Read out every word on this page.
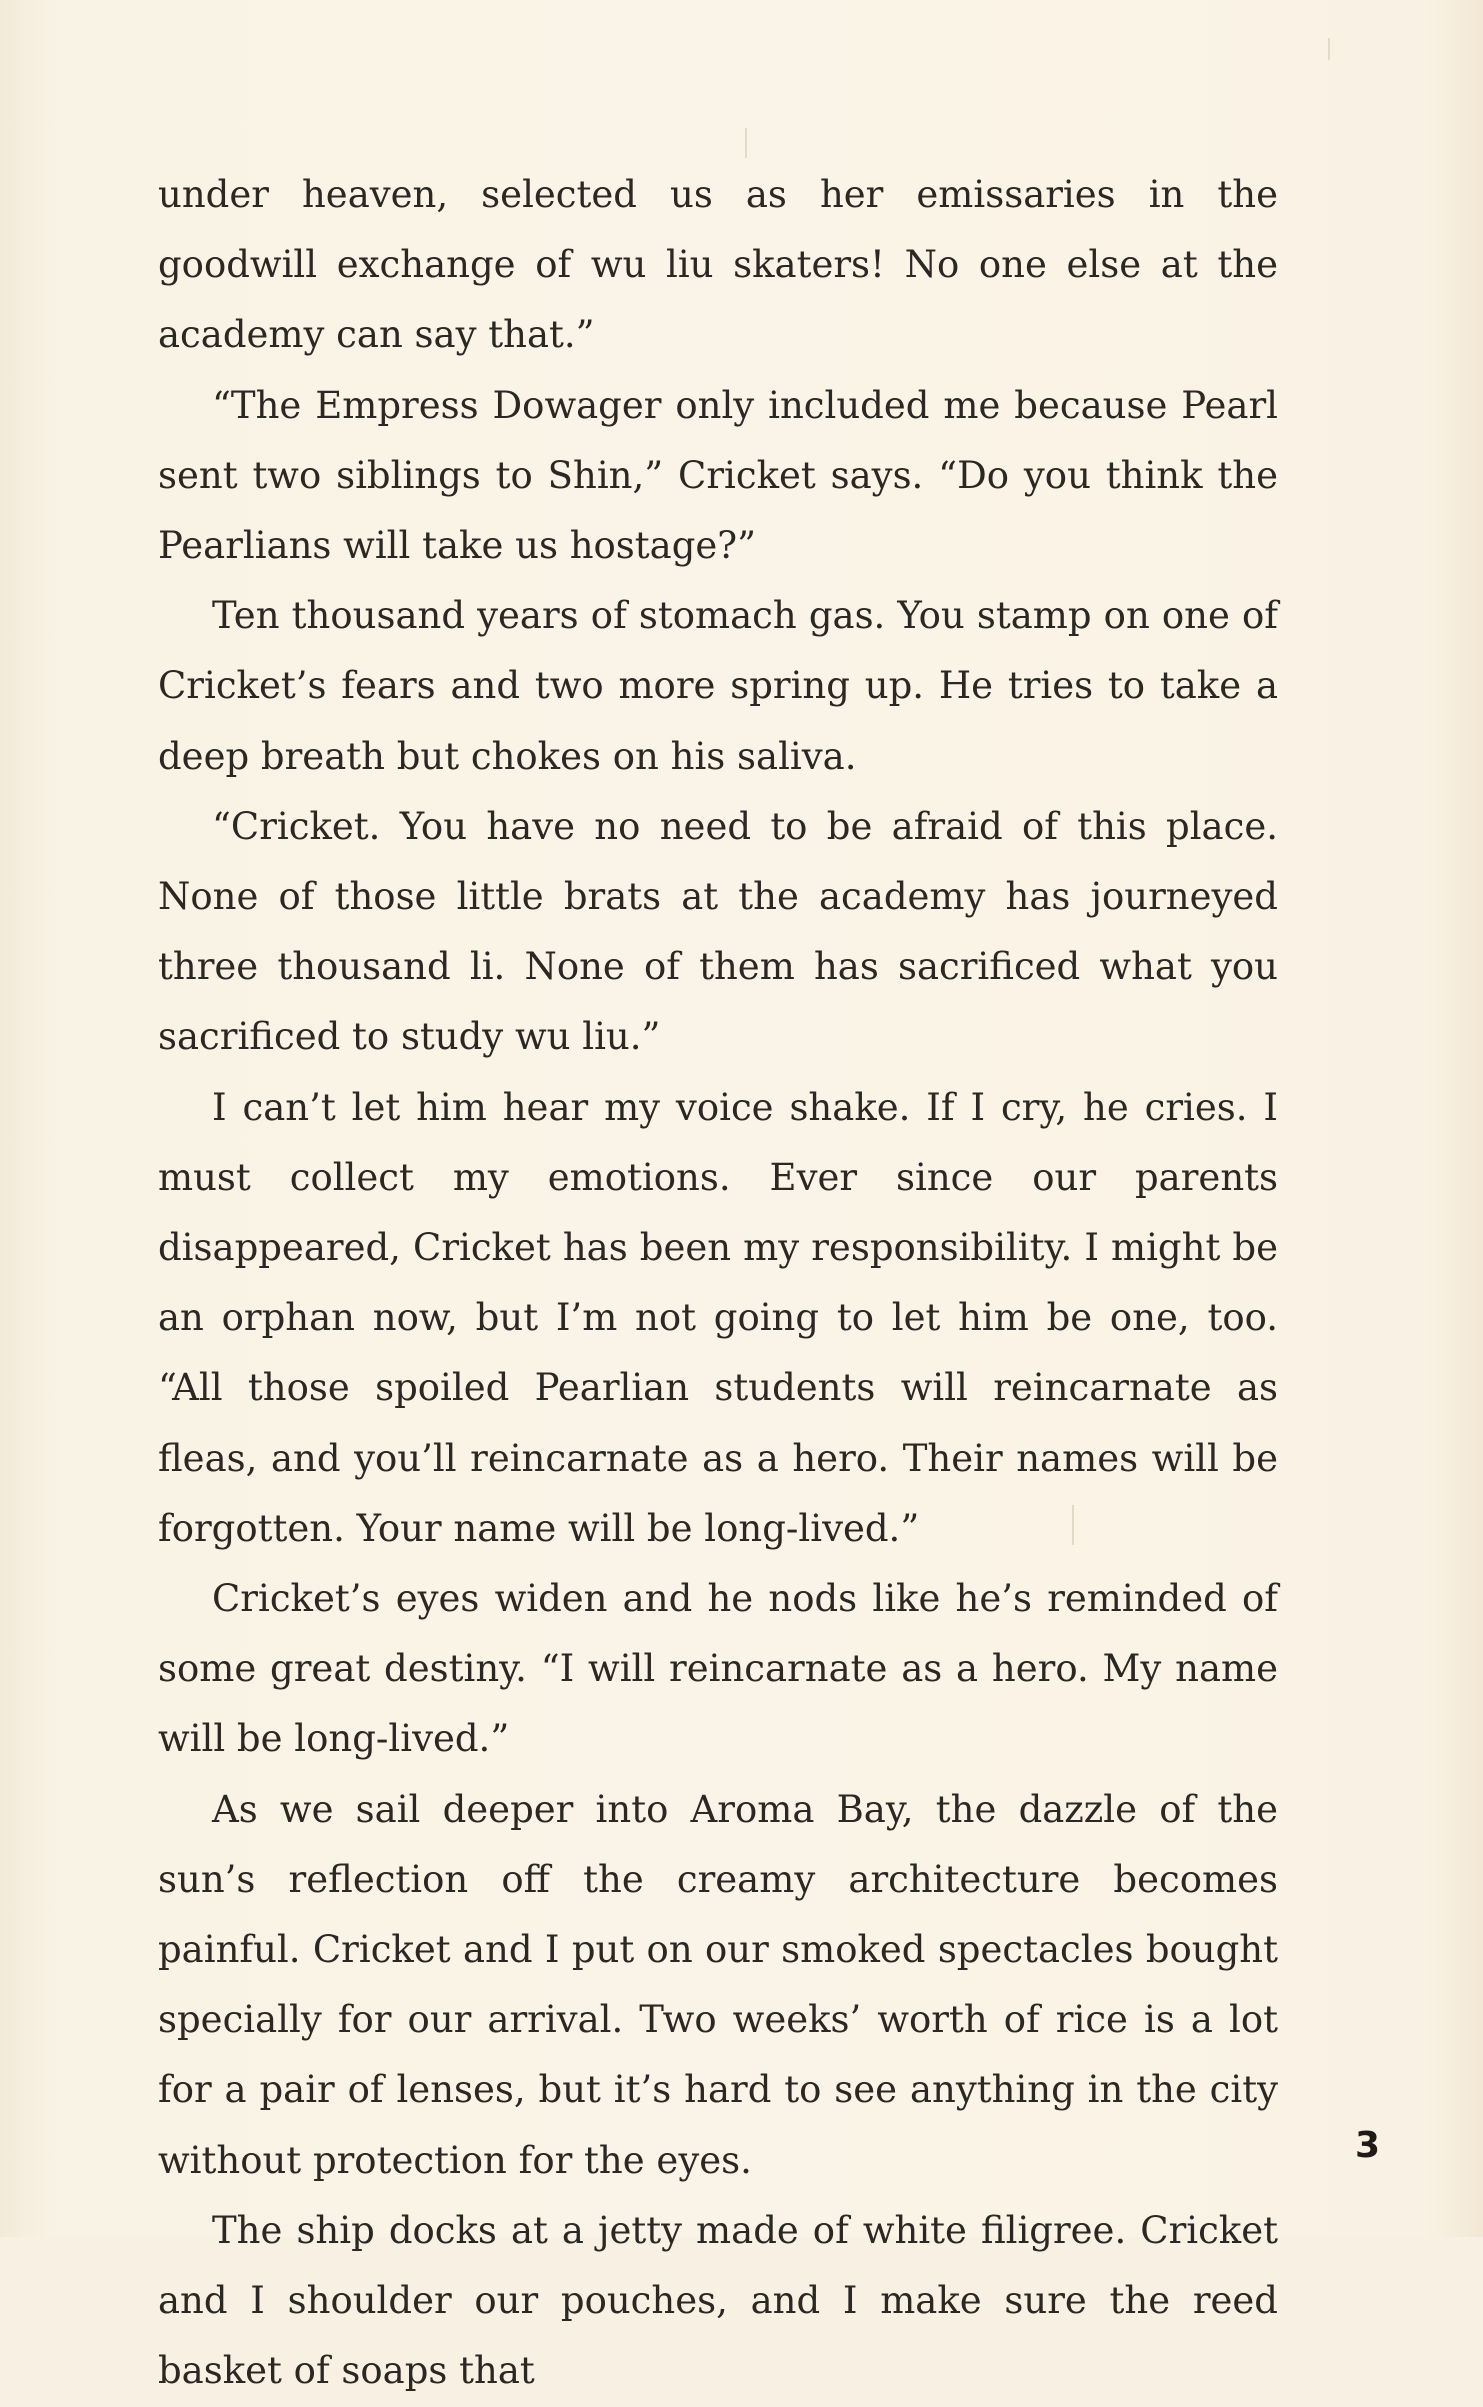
under heaven, selected us as her emissaries in the goodwill exchange of wu liu skaters! No one else at the academy can say that.”

“The Empress Dowager only included me because Pearl sent two siblings to Shin,” Cricket says. “Do you think the Pearlians will take us hostage?”

Ten thousand years of stomach gas. You stamp on one of Cricket’s fears and two more spring up. He tries to take a deep breath but chokes on his saliva.

“Cricket. You have no need to be afraid of this place. None of those little brats at the academy has journeyed three thousand li. None of them has sacrificed what you sacrificed to study wu liu.”

I can’t let him hear my voice shake. If I cry, he cries. I must collect my emotions. Ever since our parents disappeared, Cricket has been my responsibility. I might be an orphan now, but I’m not going to let him be one, too. “All those spoiled Pearlian students will reincarnate as fleas, and you’ll reincarnate as a hero. Their names will be forgotten. Your name will be long-lived.”

Cricket’s eyes widen and he nods like he’s reminded of some great destiny. “I will reincarnate as a hero. My name will be long-lived.”

As we sail deeper into Aroma Bay, the dazzle of the sun’s reflection off the creamy architecture becomes painful. Cricket and I put on our smoked spectacles bought specially for our arrival. Two weeks’ worth of rice is a lot for a pair of lenses, but it’s hard to see anything in the city without protection for the eyes.

The ship docks at a jetty made of white filigree. Cricket and I shoulder our pouches, and I make sure the reed basket of soaps that

3
